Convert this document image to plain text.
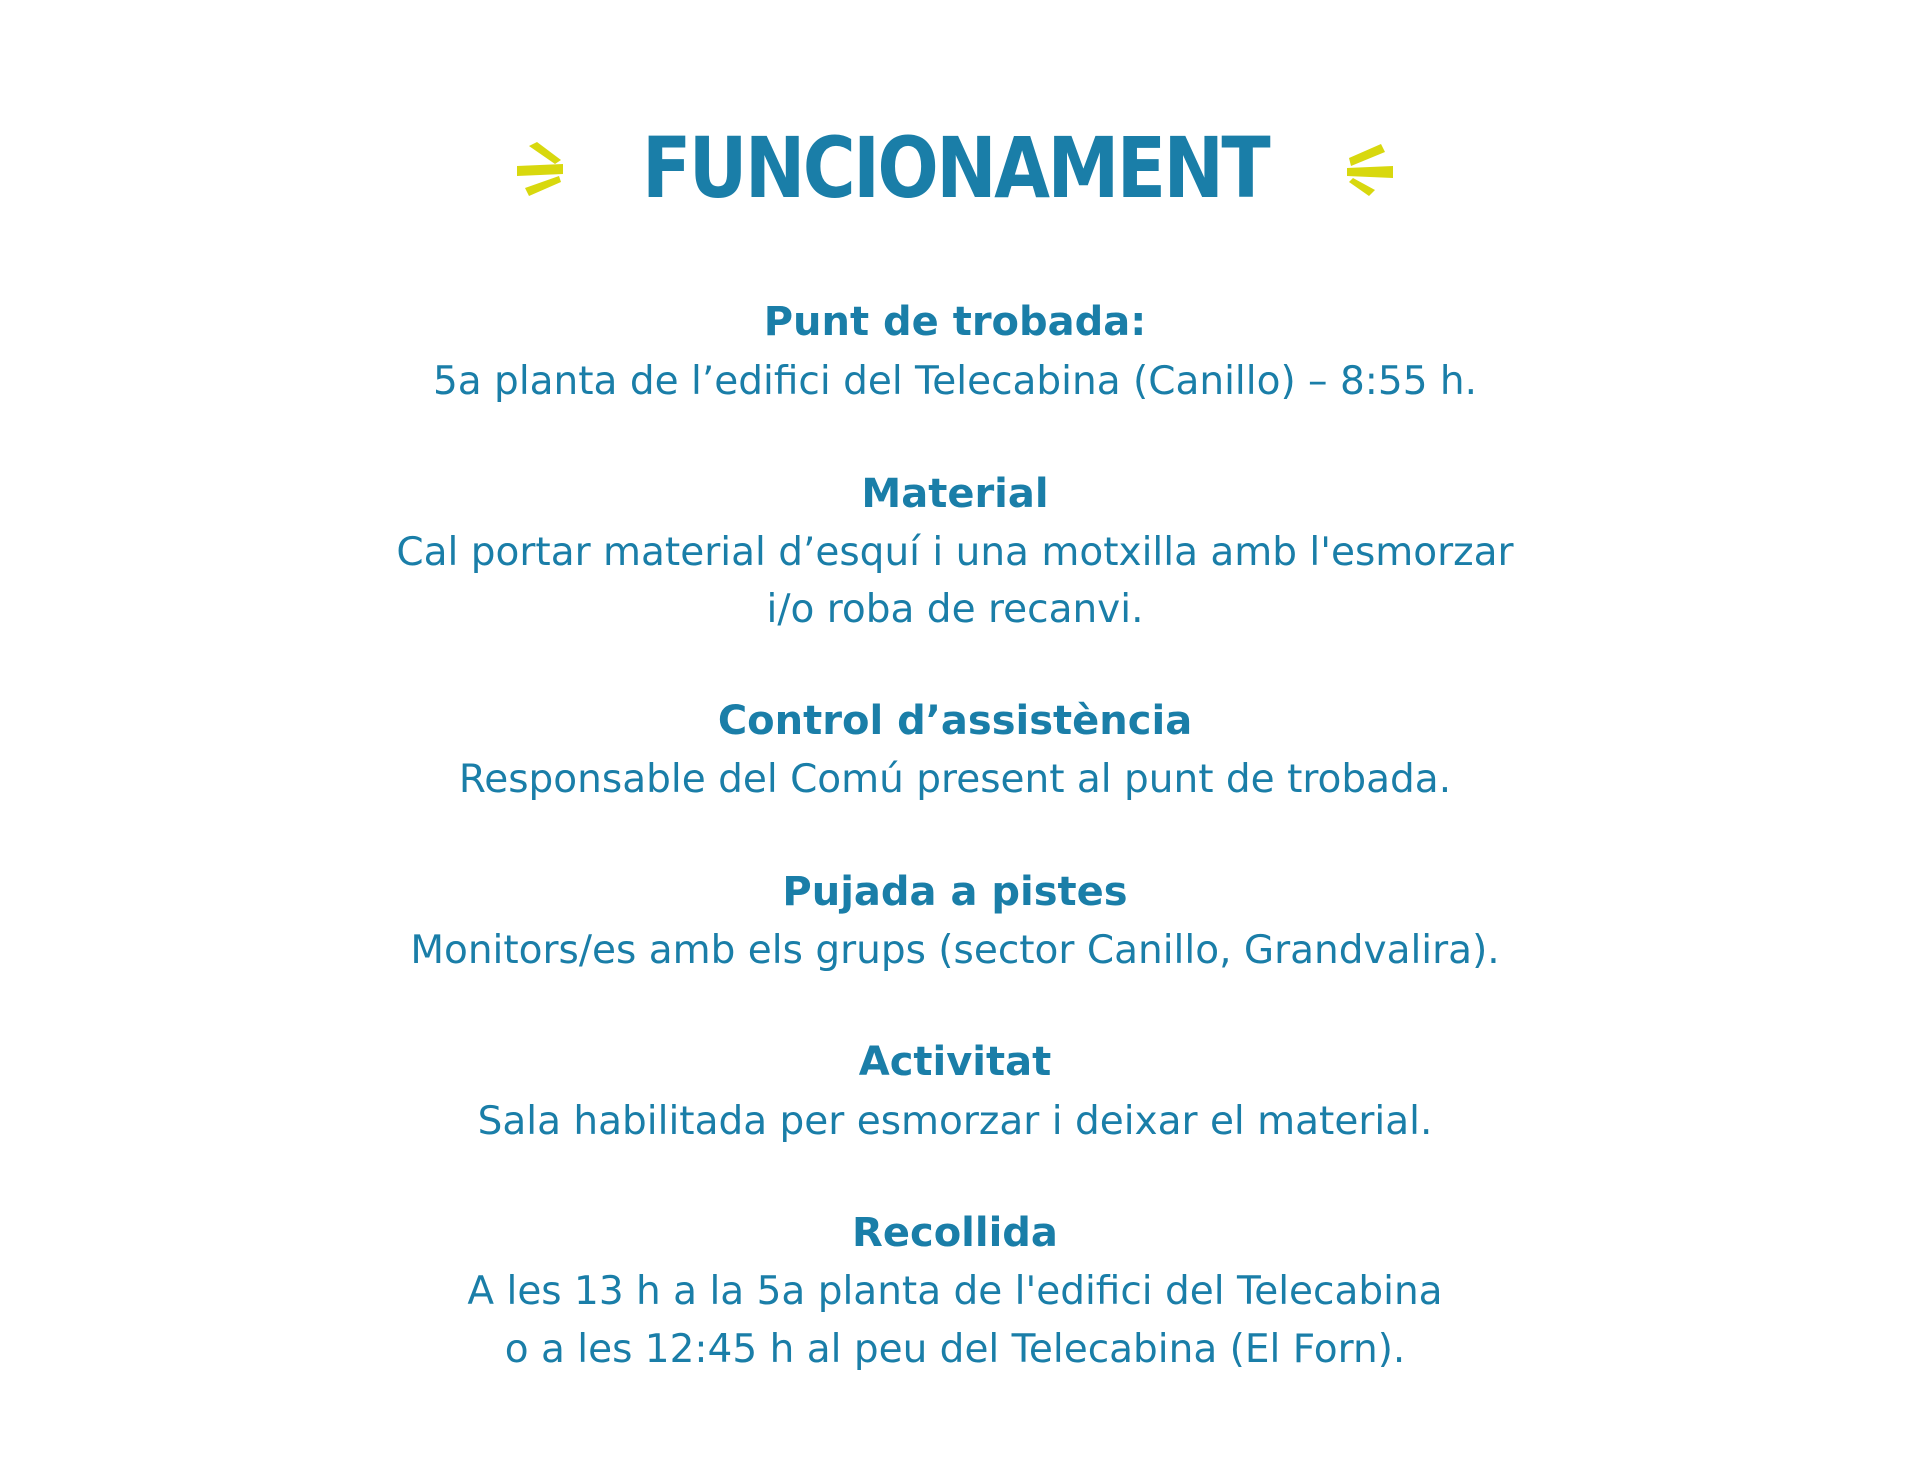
FUNCIONAMENT
Punt de trobada:
5a planta de l’edifici del Telecabina (Canillo) – 8:55 h.
Material
Cal portar material d’esquí i una motxilla amb l'esmorzar
i/o roba de recanvi.
Control d’assistència
Responsable del Comú present al punt de trobada.
Pujada a pistes
Monitors/es amb els grups (sector Canillo, Grandvalira).
Activitat
Sala habilitada per esmorzar i deixar el material.
Recollida
A les 13 h a la 5a planta de l'edifici del Telecabina
o a les 12:45 h al peu del Telecabina (El Forn).
